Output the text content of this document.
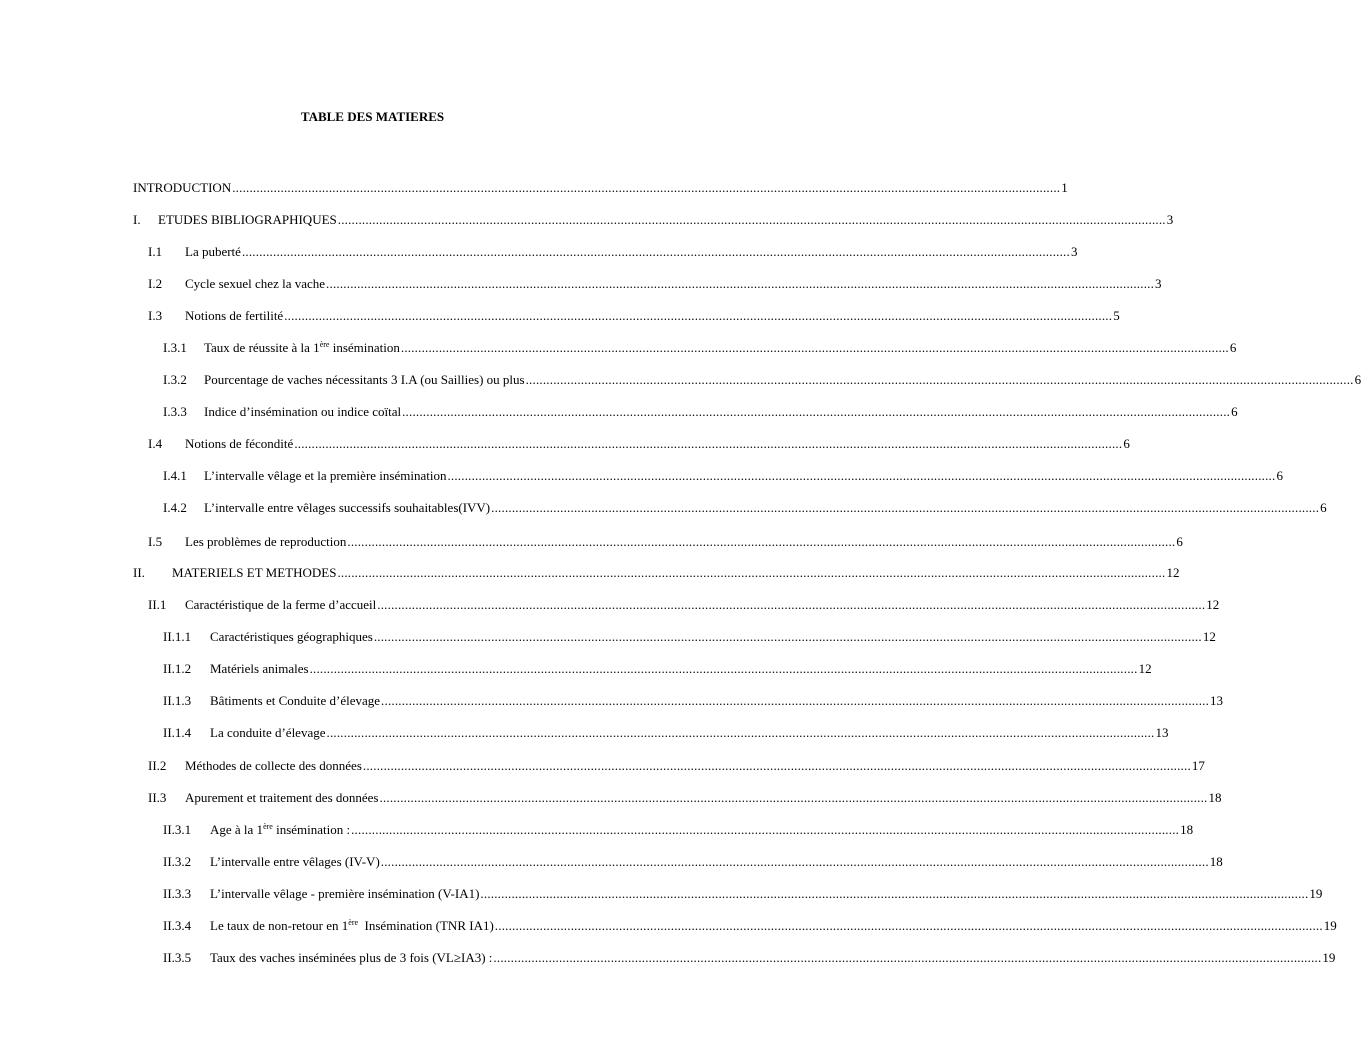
TABLE DES MATIERES
INTRODUCTION ................................................................................................................................................................................................................................................ 1
I. ETUDES BIBLIOGRAPHIQUES ................................................................................................................................................................................................................................................ 3
I.1 La puberté ................................................................................................................................................................................................................................................ 3
I.2 Cycle sexuel chez la vache ................................................................................................................................................................................................................................................ 3
I.3 Notions de fertilité ................................................................................................................................................................................................................................................ 5
I.3.1 Taux de réussite à la 1ère insémination ................................................................................................................................................................................................................................................ 6
I.3.2 Pourcentage de vaches nécessitants 3 I.A (ou Saillies) ou plus ................................................................................................................................................................................................................................................ 6
I.3.3 Indice d’insémination ou indice coïtal ................................................................................................................................................................................................................................................ 6
I.4 Notions de fécondité ................................................................................................................................................................................................................................................ 6
I.4.1 L’intervalle vêlage et la première insémination ................................................................................................................................................................................................................................................ 6
I.4.2 L’intervalle entre vêlages successifs souhaitables(IVV) ................................................................................................................................................................................................................................................ 6
I.5 Les problèmes de reproduction ................................................................................................................................................................................................................................................ 6
II. MATERIELS ET METHODES ................................................................................................................................................................................................................................................ 12
II.1 Caractéristique de la ferme d’accueil ................................................................................................................................................................................................................................................ 12
II.1.1 Caractéristiques géographiques ................................................................................................................................................................................................................................................ 12
II.1.2 Matériels animales ................................................................................................................................................................................................................................................ 12
II.1.3 Bâtiments et Conduite d’élevage ................................................................................................................................................................................................................................................ 13
II.1.4 La conduite d’élevage ................................................................................................................................................................................................................................................ 13
II.2 Méthodes de collecte des données ................................................................................................................................................................................................................................................ 17
II.3 Apurement et traitement des données ................................................................................................................................................................................................................................................ 18
II.3.1 Age à la 1ère insémination : ................................................................................................................................................................................................................................................ 18
II.3.2 L’intervalle entre vêlages (IV-V) ................................................................................................................................................................................................................................................ 18
II.3.3 L’intervalle vêlage - première insémination (V-IA1) ................................................................................................................................................................................................................................................ 19
II.3.4 Le taux de non-retour en 1ère  Insémination (TNR IA1) ................................................................................................................................................................................................................................................ 19
II.3.5 Taux des vaches inséminées plus de 3 fois (VL≥IA3) : ................................................................................................................................................................................................................................................ 19
